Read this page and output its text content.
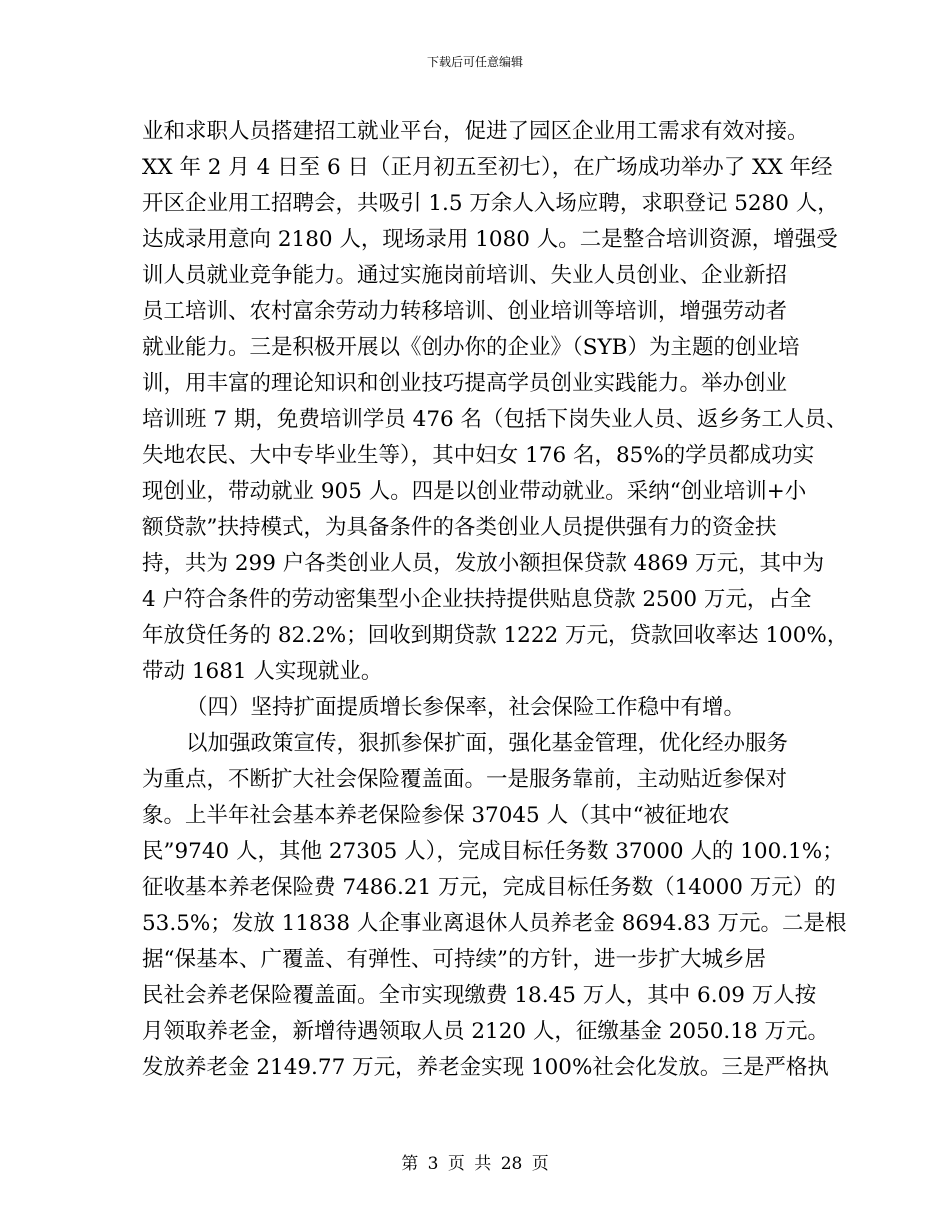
下载后可任意编辑
业和求职人员搭建招工就业平台，促进了园区企业用工需求有效对接。
XX 年 2 月 4 日至 6 日（正月初五至初七），在广场成功举办了 XX 年经
开区企业用工招聘会，共吸引 1.5 万余人入场应聘，求职登记 5280 人，
达成录用意向 2180 人，现场录用 1080 人。二是整合培训资源，增强受
训人员就业竞争能力。通过实施岗前培训、失业人员创业、企业新招
员工培训、农村富余劳动力转移培训、创业培训等培训，增强劳动者
就业能力。三是积极开展以《创办你的企业》（SYB）为主题的创业培
训，用丰富的理论知识和创业技巧提高学员创业实践能力。举办创业
培训班 7 期，免费培训学员 476 名（包括下岗失业人员、返乡务工人员、
失地农民、大中专毕业生等），其中妇女 176 名，85%的学员都成功实
现创业，带动就业 905 人。四是以创业带动就业。采纳“创业培训+小
额贷款”扶持模式，为具备条件的各类创业人员提供强有力的资金扶
持，共为 299 户各类创业人员，发放小额担保贷款 4869 万元，其中为
4 户符合条件的劳动密集型小企业扶持提供贴息贷款 2500 万元，占全
年放贷任务的 82.2%；回收到期贷款 1222 万元，贷款回收率达 100%，
带动 1681 人实现就业。
（四）坚持扩面提质增长参保率，社会保险工作稳中有增。
以加强政策宣传，狠抓参保扩面，强化基金管理，优化经办服务
为重点，不断扩大社会保险覆盖面。一是服务靠前，主动贴近参保对
象。上半年社会基本养老保险参保 37045 人（其中“被征地农
民”9740 人，其他 27305 人），完成目标任务数 37000 人的 100.1%；
征收基本养老保险费 7486.21 万元，完成目标任务数（14000 万元）的
53.5%；发放 11838 人企事业离退休人员养老金 8694.83 万元。二是根
据“保基本、广覆盖、有弹性、可持续”的方针，进一步扩大城乡居
民社会养老保险覆盖面。全市实现缴费 18.45 万人，其中 6.09 万人按
月领取养老金，新增待遇领取人员 2120 人，征缴基金 2050.18 万元。
发放养老金 2149.77 万元，养老金实现 100%社会化发放。三是严格执
第 3 页 共 28 页
